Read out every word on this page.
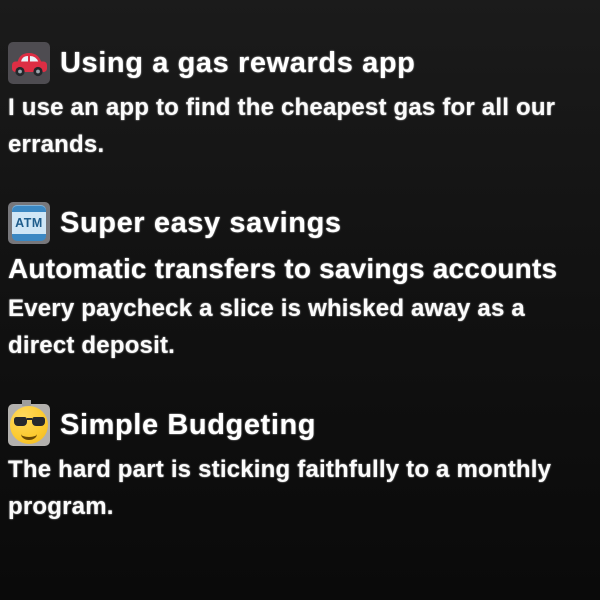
Using a gas rewards app

I use an app to find the cheapest gas for all our errands.

ATM Super easy savings
Automatic transfers to savings accounts

Every paycheck a slice is whisked away as a direct deposit.

Simple Budgeting

The hard part is sticking faithfully to a monthly program.
